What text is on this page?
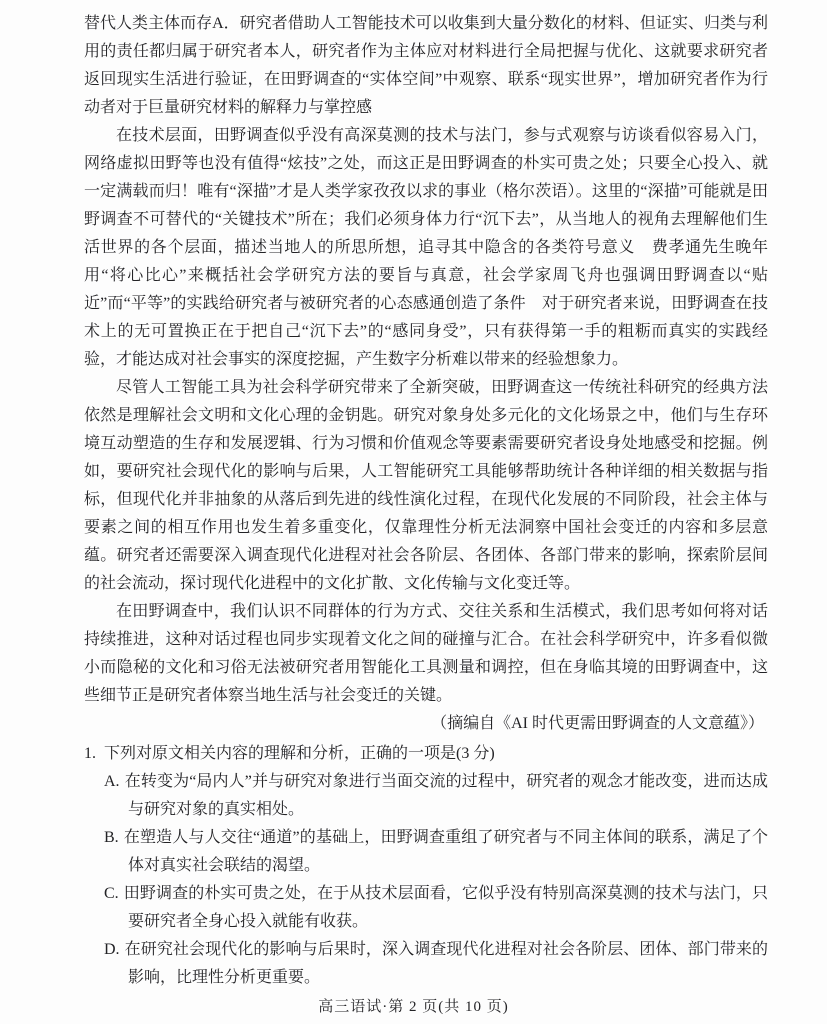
替代人类主体而存A．研究者借助人工智能技术可以收集到大量分数化的材料、但证实、归类与利用的责任都归属于研究者本人，研究者作为主体应对材料进行全局把握与优化、这就要求研究者返回现实生活进行验证，在田野调查的“实体空间”中观察、联系“现实世界”，增加研究者作为行动者对于巨量研究材料的解释力与掌控感

在技术层面，田野调查似乎没有高深莫测的技术与法门，参与式观察与访谈看似容易入门，网络虚拟田野等也没有值得“炫技”之处，而这正是田野调查的朴实可贵之处；只要全心投入、就一定满载而归！唯有“深描”才是人类学家孜孜以求的事业（格尔茨语）。这里的“深描”可能就是田野调查不可替代的“关键技术”所在；我们必须身体力行“沉下去”，从当地人的视角去理解他们生活世界的各个层面，描述当地人的所思所想，追寻其中隐含的各类符号意义　费孝通先生晚年用“将心比心”来概括社会学研究方法的要旨与真意，社会学家周飞舟也强调田野调查以“贴近”而“平等”的实践给研究者与被研究者的心态感通创造了条件　对于研究者来说，田野调查在技术上的无可置换正在于把自己“沉下去”的“感同身受”，只有获得第一手的粗粝而真实的实践经验，才能达成对社会事实的深度挖掘，产生数字分析难以带来的经验想象力。

尽管人工智能工具为社会科学研究带来了全新突破，田野调查这一传统社科研究的经典方法依然是理解社会文明和文化心理的金钥匙。研究对象身处多元化的文化场景之中，他们与生存环境互动塑造的生存和发展逻辑、行为习惯和价值观念等要素需要研究者设身处地感受和挖掘。例如，要研究社会现代化的影响与后果，人工智能研究工具能够帮助统计各种详细的相关数据与指标，但现代化并非抽象的从落后到先进的线性演化过程，在现代化发展的不同阶段，社会主体与要素之间的相互作用也发生着多重变化，仅靠理性分析无法洞察中国社会变迁的内容和多层意蕴。研究者还需要深入调查现代化进程对社会各阶层、各团体、各部门带来的影响，探索阶层间的社会流动，探讨现代化进程中的文化扩散、文化传输与文化变迁等。

在田野调查中，我们认识不同群体的行为方式、交往关系和生活模式，我们思考如何将对话持续推进，这种对话过程也同步实现着文化之间的碰撞与汇合。在社会科学研究中，许多看似微小而隐秘的文化和习俗无法被研究者用智能化工具测量和调控，但在身临其境的田野调查中，这些细节正是研究者体察当地生活与社会变迁的关键。

（摘编自《AI 时代更需田野调查的人文意蕴》）

1. 下列对原文相关内容的理解和分析，正确的一项是(3 分)
A. 在转变为“局内人”并与研究对象进行当面交流的过程中，研究者的观念才能改变，进而达成与研究对象的真实相处。
B. 在塑造人与人交往“通道”的基础上，田野调查重组了研究者与不同主体间的联系，满足了个体对真实社会联结的渴望。
C. 田野调查的朴实可贵之处，在于从技术层面看，它似乎没有特别高深莫测的技术与法门，只要研究者全身心投入就能有收获。
D. 在研究社会现代化的影响与后果时，深入调查现代化进程对社会各阶层、团体、部门带来的影响，比理性分析更重要。
高三语试·第 2 页(共 10 页)
